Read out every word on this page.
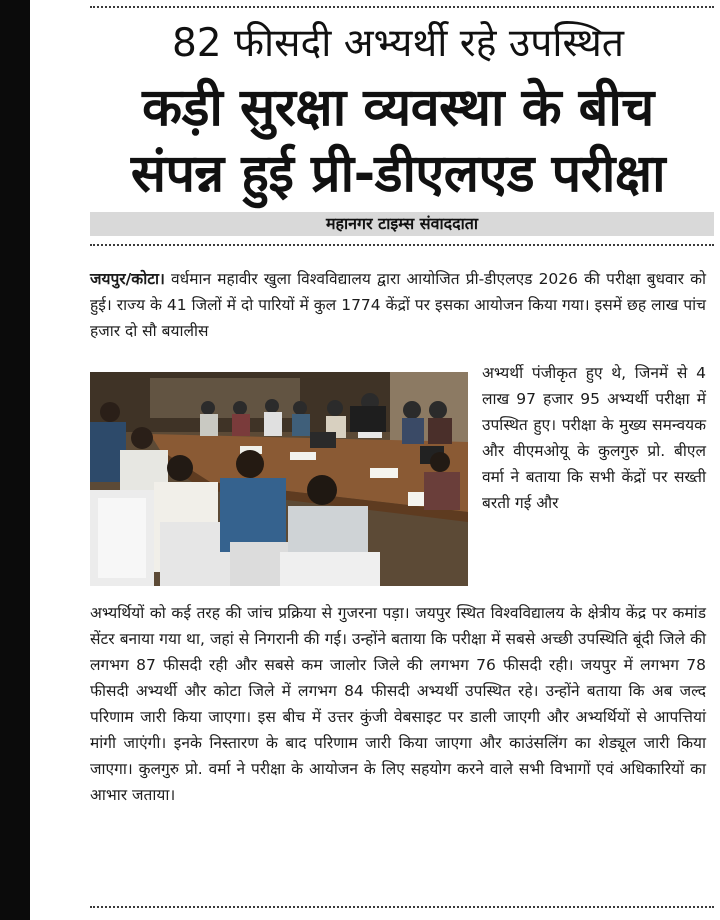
82 फीसदी अभ्यर्थी रहे उपस्थित
कड़ी सुरक्षा व्यवस्था के बीच
संपन्न हुई प्री-डीएलएड परीक्षा
महानगर टाइम्स संवाददाता
जयपुर/कोटा। वर्धमान महावीर खुला विश्वविद्यालय द्वारा आयोजित प्री-डीएलएड 2026 की परीक्षा बुधवार को हुई। राज्य के 41 जिलों में दो पारियों में कुल 1774 केंद्रों पर इसका आयोजन किया गया। इसमें छह लाख पांच हजार दो सौ बयालीस
अभ्यर्थी पंजीकृत हुए थे, जिनमें से 4 लाख 97 हजार 95 अभ्यर्थी परीक्षा में उपस्थित हुए। परीक्षा के मुख्य समन्वयक और वीएमओयू के कुलगुरु प्रो. बीएल वर्मा ने बताया कि सभी केंद्रों पर सख्ती बरती गई और
अभ्यर्थियों को कई तरह की जांच प्रक्रिया से गुजरना पड़ा। जयपुर स्थित विश्वविद्यालय के क्षेत्रीय केंद्र पर कमांड सेंटर बनाया गया था, जहां से निगरानी की गई। उन्होंने बताया कि परीक्षा में सबसे अच्छी उपस्थिति बूंदी जिले की लगभग 87 फीसदी रही और सबसे कम जालोर जिले की लगभग 76 फीसदी रही। जयपुर में लगभग 78 फीसदी अभ्यर्थी और कोटा जिले में लगभग 84 फीसदी अभ्यर्थी उपस्थित रहे। उन्होंने बताया कि अब जल्द परिणाम जारी किया जाएगा। इस बीच में उत्तर कुंजी वेबसाइट पर डाली जाएगी और अभ्यर्थियों से आपत्तियां मांगी जाएंगी। इनके निस्तारण के बाद परिणाम जारी किया जाएगा और काउंसलिंग का शेड्यूल जारी किया जाएगा। कुलगुरु प्रो. वर्मा ने परीक्षा के आयोजन के लिए सहयोग करने वाले सभी विभागों एवं अधिकारियों का आभार जताया।
